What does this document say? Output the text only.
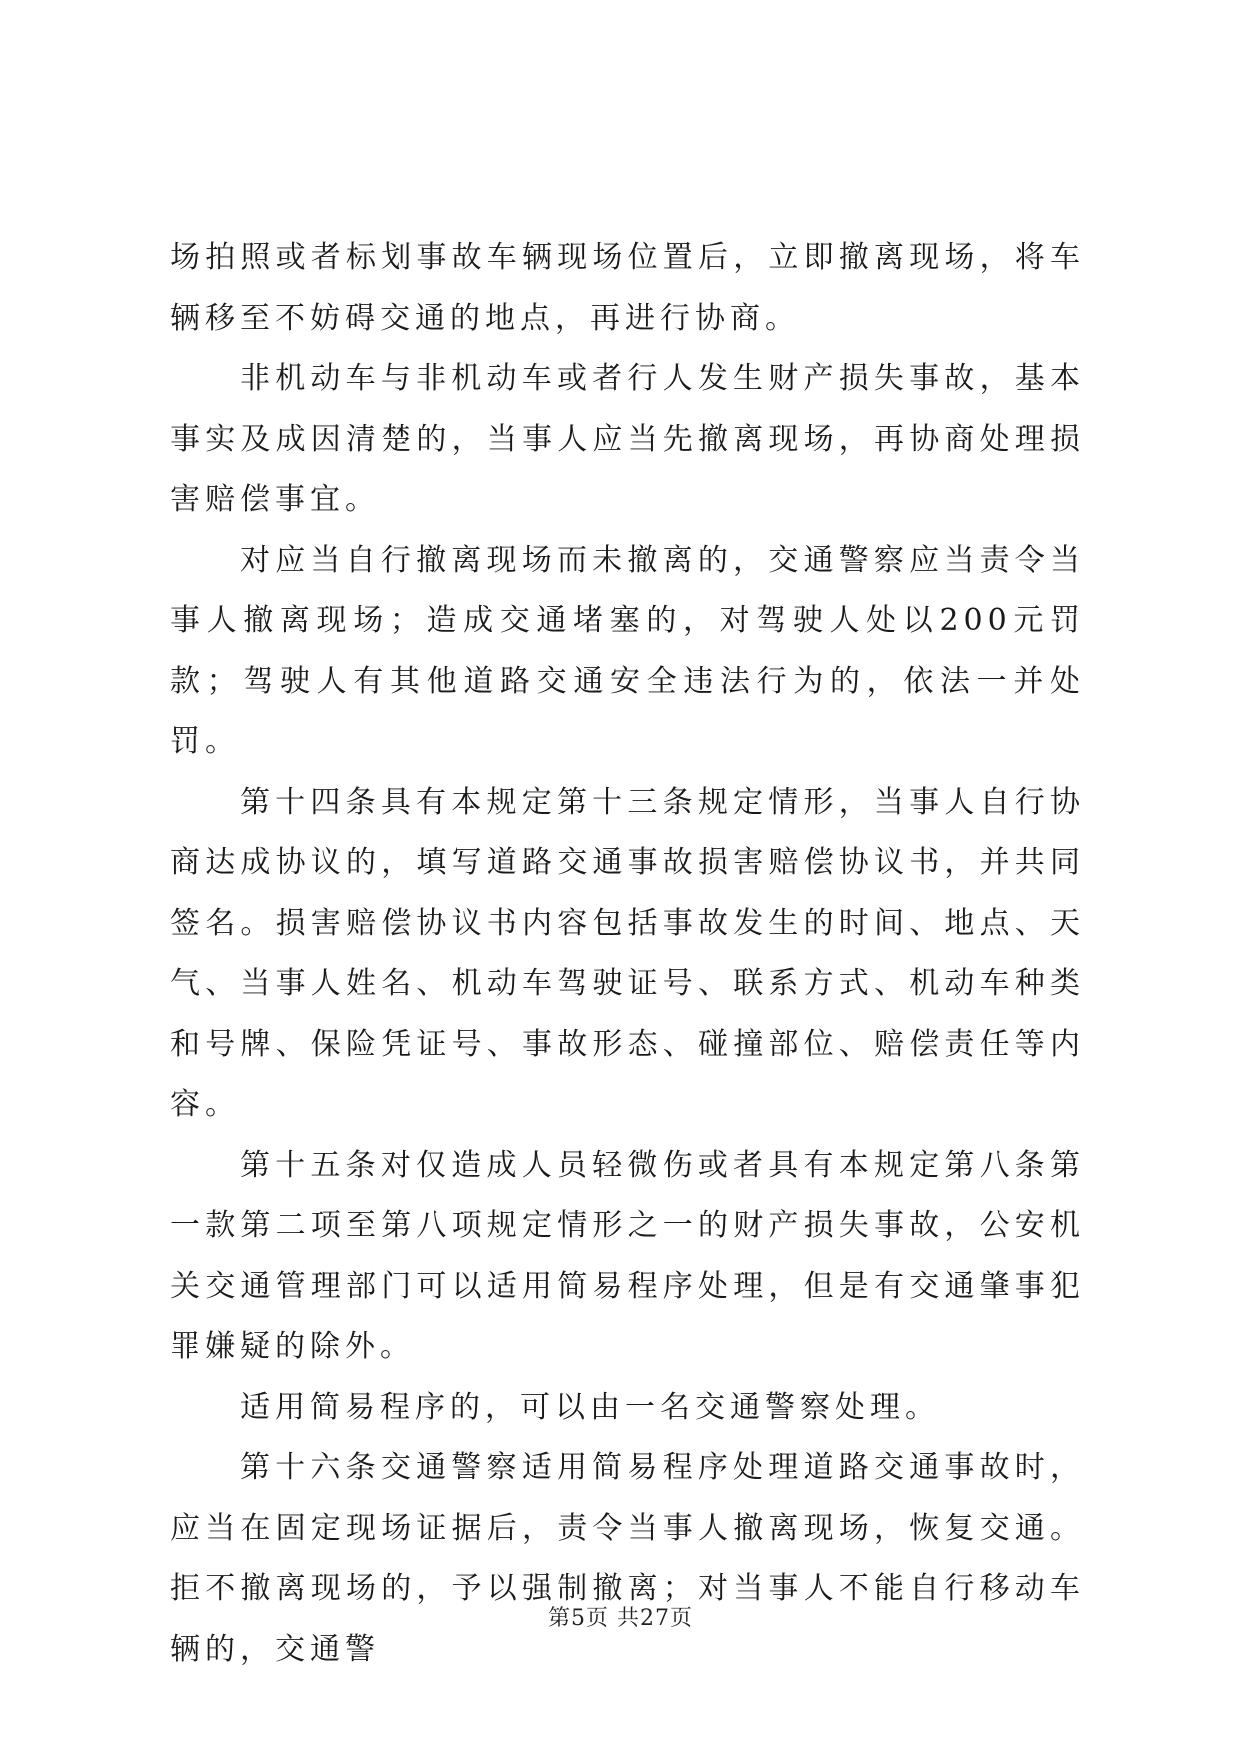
场拍照或者标划事故车辆现场位置后，立即撤离现场，将车辆移至不妨碍交通的地点，再进行协商。

非机动车与非机动车或者行人发生财产损失事故，基本事实及成因清楚的，当事人应当先撤离现场，再协商处理损害赔偿事宜。

对应当自行撤离现场而未撤离的，交通警察应当责令当事人撤离现场；造成交通堵塞的，对驾驶人处以200元罚款；驾驶人有其他道路交通安全违法行为的，依法一并处罚。

第十四条具有本规定第十三条规定情形，当事人自行协商达成协议的，填写道路交通事故损害赔偿协议书，并共同签名。损害赔偿协议书内容包括事故发生的时间、地点、天气、当事人姓名、机动车驾驶证号、联系方式、机动车种类和号牌、保险凭证号、事故形态、碰撞部位、赔偿责任等内容。

第十五条对仅造成人员轻微伤或者具有本规定第八条第一款第二项至第八项规定情形之一的财产损失事故，公安机关交通管理部门可以适用简易程序处理，但是有交通肇事犯罪嫌疑的除外。

适用简易程序的，可以由一名交通警察处理。

第十六条交通警察适用简易程序处理道路交通事故时，应当在固定现场证据后，责令当事人撤离现场，恢复交通。拒不撤离现场的，予以强制撤离；对当事人不能自行移动车辆的，交通警

第5页 共27页
